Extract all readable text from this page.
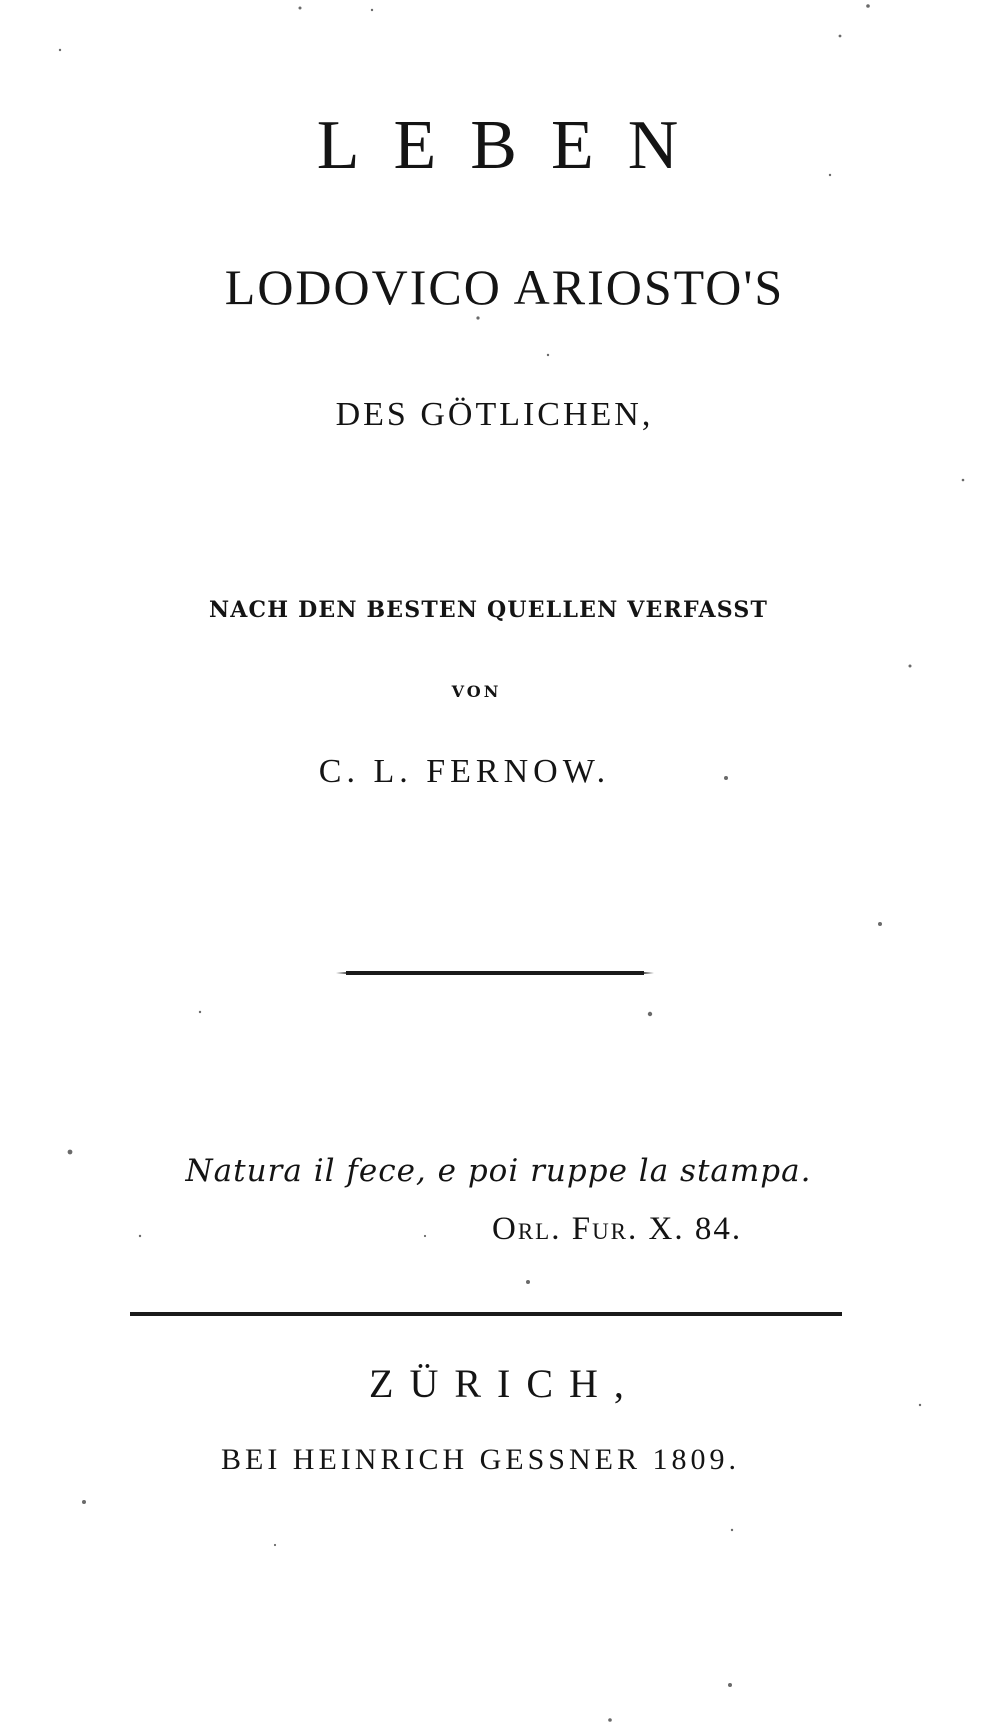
LEBEN
LODOVICO ARIOSTO'S
DES GÖTLICHEN,
NACH DEN BESTEN QUELLEN VERFASST
VON
C. L. FERNOW.
Natura il fece, e poi ruppe la stampa.
Orl. Fur. X. 84.
ZÜRICH,
BEI HEINRICH GESSNER 1809.
